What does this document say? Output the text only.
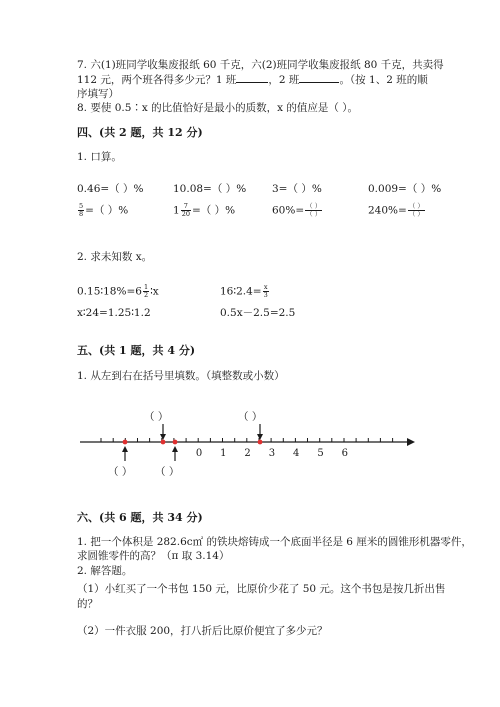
7. 六(1)班同学收集废报纸 60 千克，六(2)班同学收集废报纸 80 千克，共卖得
112 元，两个班各得多少元？1 班	，2 班	。（按 1、2 班的顺
序填写）
8. 要使 0.5∶x 的比值恰好是最小的质数，x 的值应是（ ）。
四、(共 2 题，共 12 分)
1. 口算。
0.46=（ ）%	10.08=（ ）% 3=（ ）%	0.009=（ ）%
$\frac{5}{8}$ =（ ）%	$1 \frac{7}{20}$ =（ ）%	$60\%= \frac{( )}{( )}$	$240\%= \frac{( )}{( )}$
2. 求未知数 x。
0.15∶18%=6 $\frac{1}{2}$ ∶x	16∶2.4= $\frac{x}{3}$
x∶24=1.25∶1.2	0.5x－2.5=2.5
五、(共 1 题，共 4 分)
1. 从左到右在括号里填数。（填整数或小数）
（ ）	（ ）
（ ） （ ）
0 1 2 3 4 5 6
六、(共 6 题，共 34 分)
1. 把一个体积是 282.6c㎡ 的铁块熔铸成一个底面半径是 6 厘米的圆锥形机器零件，
求圆锥零件的高？（π 取 3.14）
2. 解答题。
（1）小红买了一个书包 150 元，比原价少花了 50 元。这个书包是按几折出售
的？
（2）一件衣服 200，打八折后比原价便宜了多少元？
